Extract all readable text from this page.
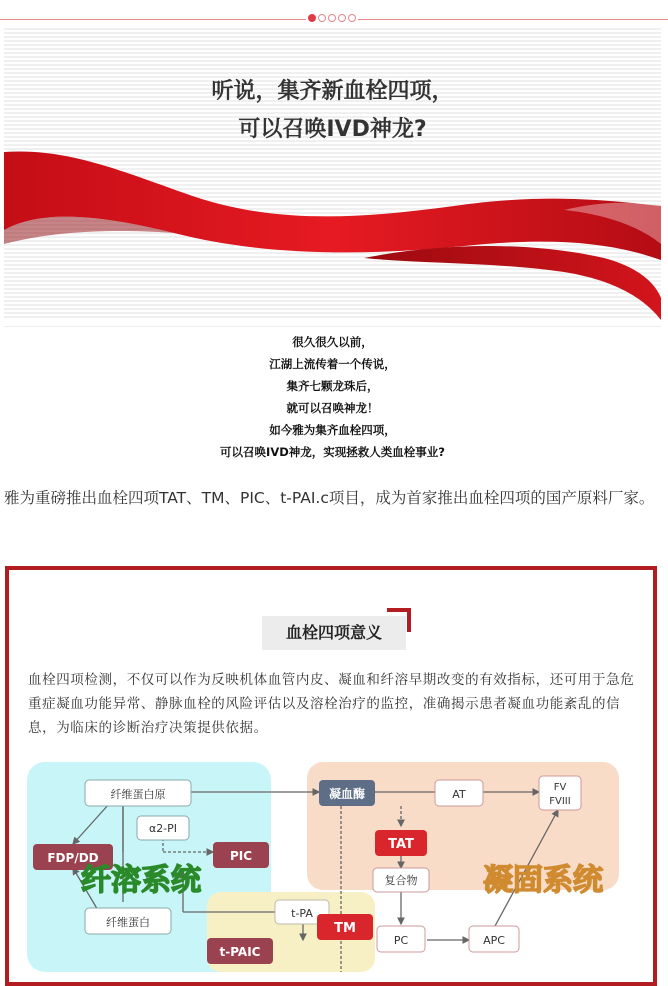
听说，集齐新血栓四项，
可以召唤IVD神龙?
很久很久以前，
江湖上流传着一个传说，
集齐七颗龙珠后，
就可以召唤神龙！
如今雅为集齐血栓四项，
可以召唤IVD神龙，实现拯救人类血栓事业?
雅为重磅推出血栓四项TAT、TM、PIC、t-PAI.c项目，成为首家推出血栓四项的国产原料厂家。
血栓四项意义
血栓四项检测，不仅可以作为反映机体血管内皮、凝血和纤溶早期改变的有效指标，还可用于急危重症凝血功能异常、静脉血栓的风险评估以及溶栓治疗的监控，准确揭示患者凝血功能紊乱的信息，为临床的诊断治疗决策提供依据。
纤维蛋白原
α2-PI
FDP/DD	PIC
纤溶系统
纤维蛋白
t-PA
t-PAIC
凝血酶	AT
FV
FVIII
TAT
凝固系统
复合物
TM
PC	APC
